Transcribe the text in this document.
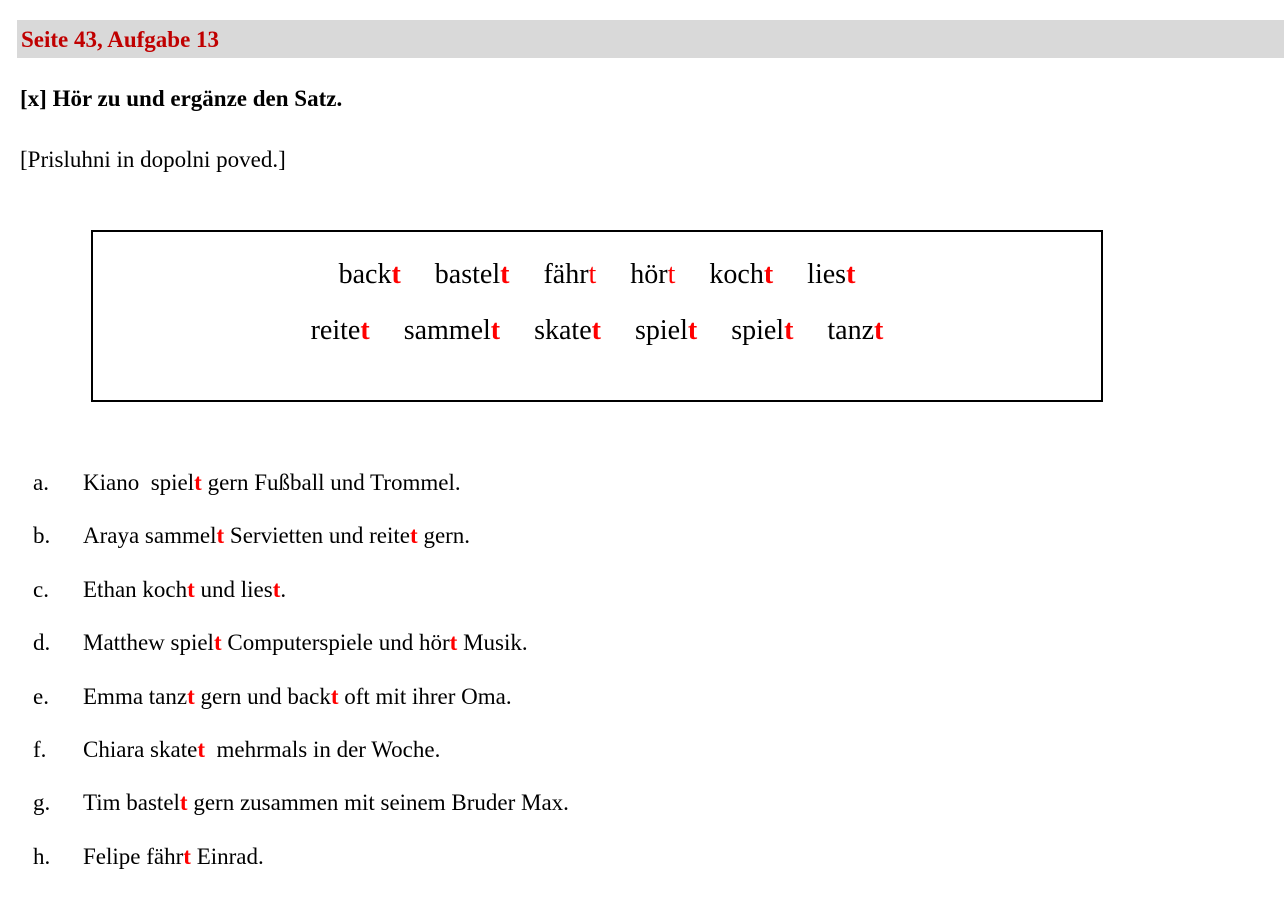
Seite 43, Aufgabe 13
[x] Hör zu und ergänze den Satz.
[Prisluhni in dopolni poved.]
backt bastelt fährt hört kocht liest
reitet sammelt skatet spielt spielt tanzt
a. Kiano  spielt gern Fußball und Trommel.
b. Araya sammelt Servietten und reitet gern.
c. Ethan kocht und liest.
d. Matthew spielt Computerspiele und hört Musik.
e. Emma tanzt gern und backt oft mit ihrer Oma.
f. Chiara skatet  mehrmals in der Woche.
g. Tim bastelt gern zusammen mit seinem Bruder Max.
h. Felipe fährt Einrad.
